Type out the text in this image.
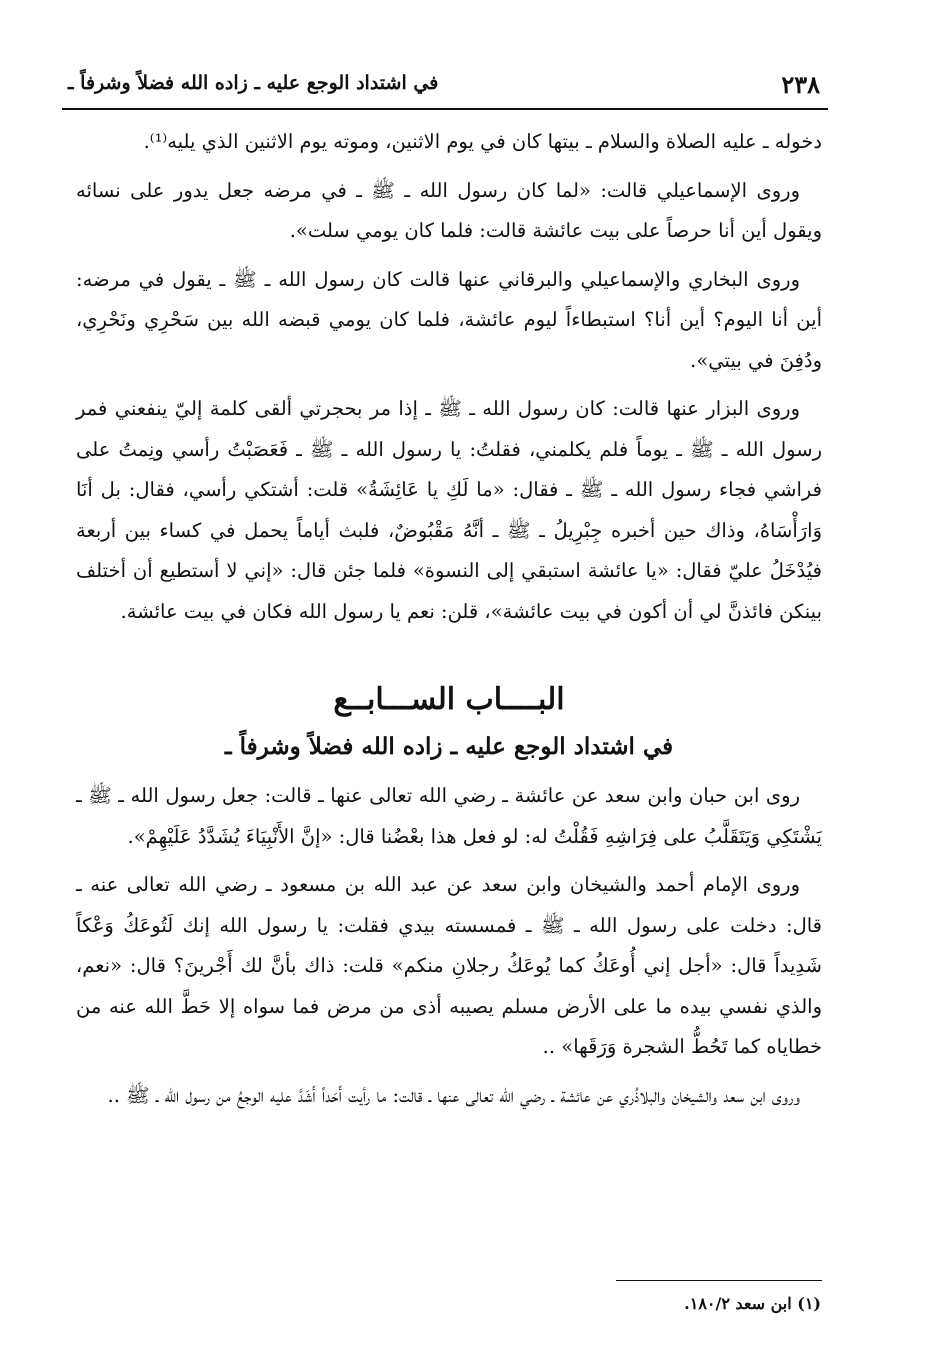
٢٣٨
في اشتداد الوجع عليه ـ زاده الله فضلاً وشرفاً ـ

دخوله ـ عليه الصلاة والسلام ـ بيتها كان في يوم الاثنين، وموته يوم الاثنين الذي يليه⁽¹⁾.

وروى الإسماعيلي قالت: «لما كان رسول الله ـ ﷺ ـ في مرضه جعل يدور على نسائه ويقول أين أنا حرصاً على بيت عائشة قالت: فلما كان يومي سلت».

وروى البخاري والإسماعيلي والبرقاني عنها قالت كان رسول الله ـ ﷺ ـ يقول في مرضه: أين أنا اليوم؟ أين أنا؟ استبطاءاً ليوم عائشة، فلما كان يومي قبضه الله بين سَحْرِي ونَحْرِي، ودُفِنَ في بيتي».

وروى البزار عنها قالت: كان رسول الله ـ ﷺ ـ إذا مر بحجرتي ألقى كلمة إليّ ينفعني فمر رسول الله ـ ﷺ ـ يوماً فلم يكلمني، فقلتُ: يا رسول الله ـ ﷺ ـ فَعَصَبْتُ رأسي ونِمتُ على فراشي فجاء رسول الله ـ ﷺ ـ فقال: «ما لَكِ يا عَائِشَةُ» قلت: أشتكي رأسي، فقال: بل أنَا وَارَأْسَاهُ، وذاك حين أخبره جِبْرِيلُ ـ ﷺ ـ أنَّهُ مَقْبُوضٌ، فلبث أياماً يحمل في كساء بين أربعة فيُدْخَلُ عليّ فقال: «يا عائشة استبقي إلى النسوة» فلما جئن قال: «إني لا أستطيع أن أختلف بينكن فائذنَّ لي أن أكون في بيت عائشة»، قلن: نعم يا رسول الله فكان في بيت عائشة.

البــــاب الســـابــع
في اشتداد الوجع عليه ـ زاده الله فضلاً وشرفاً ـ

روى ابن حبان وابن سعد عن عائشة ـ رضي الله تعالى عنها ـ قالت: جعل رسول الله ـ ﷺ ـ يَشْتَكِي وَيَتَقَلَّبُ على فِرَاشِهِ فَقُلْتُ له: لو فعل هذا بعْضُنا قال: «إنَّ الأَنْبِيَاءَ يُشَدَّدُ عَلَيْهِمْ».

وروى الإمام أحمد والشيخان وابن سعد عن عبد الله بن مسعود ـ رضي الله تعالى عنه ـ قال: دخلت على رسول الله ـ ﷺ ـ فمسسته بيدي فقلت: يا رسول الله إنك لَتُوعَكُ وَعْكاً شَدِيداً قال: «أجل إني أُوعَكُ كما يُوعَكُ رجلانِ منكم» قلت: ذاك بأنَّ لك أَجْرينَ؟ قال: «نعم، والذي نفسي بيده ما على الأرض مسلم يصيبه أذى من مرض فما سواه إلا حَطَّ الله عنه من خطاياه كما تَحُطُّ الشجرة وَرَقَها» ..

وروى ابن سعد والشيخان والبلاذُري عن عائشة ـ رضي الله تعالى عنها ـ قالت: ما رأيت أَحَداً أَشَدَّ عليه الوجعُ من رسول الله ـ ﷺ ..

(١) ابن سعد ١٨٠/٢.
